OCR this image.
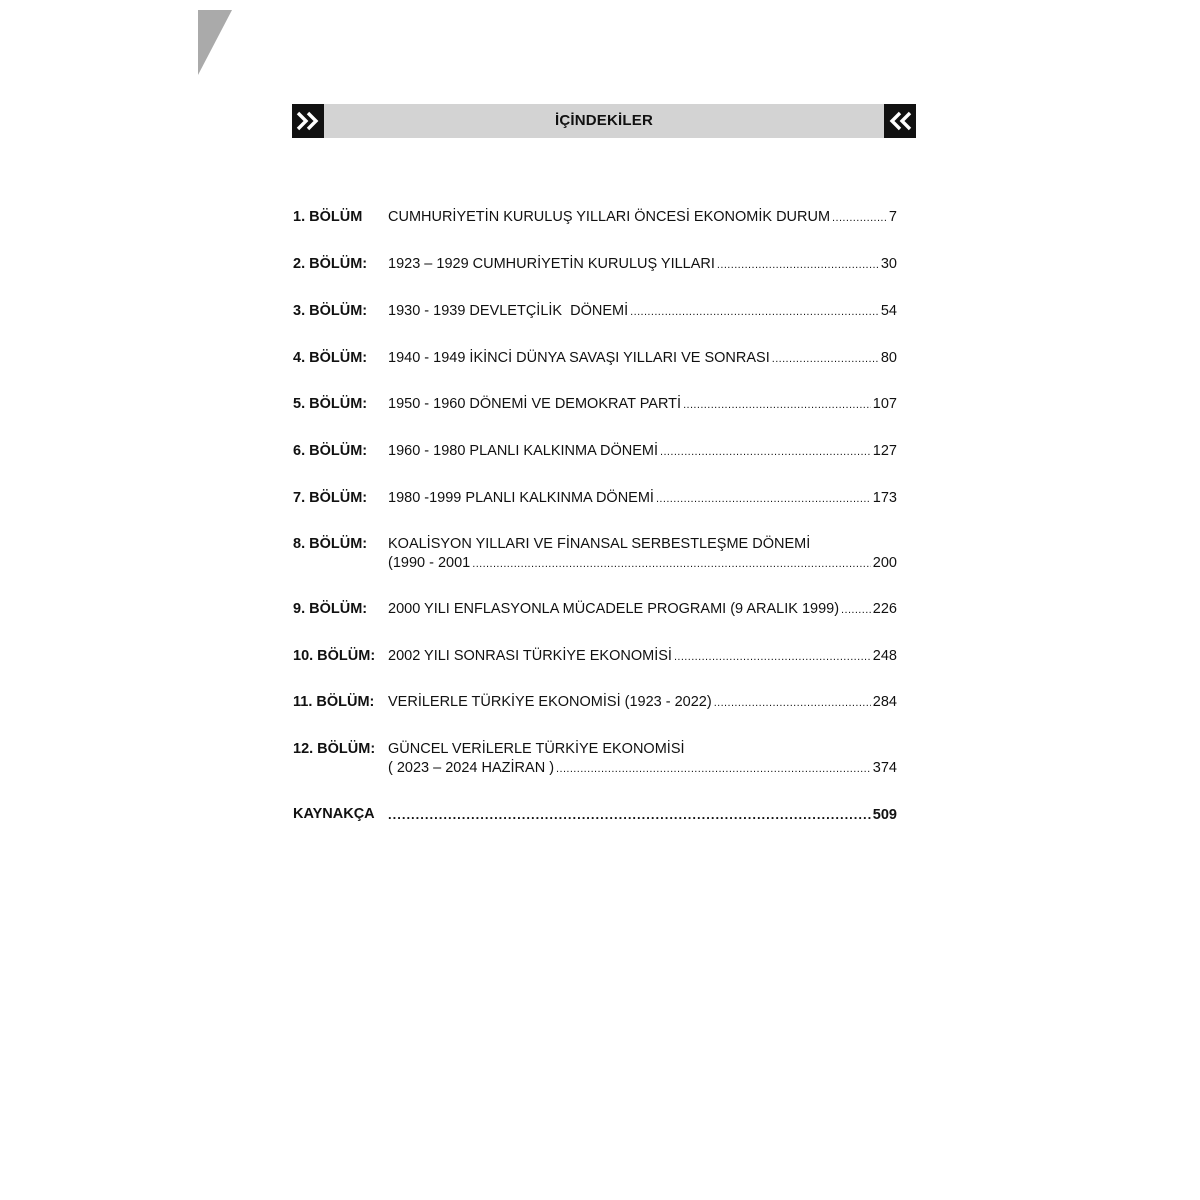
İÇİNDEKİLER
1. BÖLÜM CUMHURİYETİN KURULUŞ YILLARI ÖNCESİ EKONOMİK DURUM .....	7
2. BÖLÜM: 1923 – 1929 CUMHURİYETİN KURULUŞ YILLARI .....	30
3. BÖLÜM: 1930 - 1939 DEVLETÇİLİK  DÖNEMİ .....	54
4. BÖLÜM: 1940 - 1949 İKİNCİ DÜNYA SAVAŞI YILLARI VE SONRASI .....	80
5. BÖLÜM: 1950 - 1960 DÖNEMİ VE DEMOKRAT PARTİ .....	107
6. BÖLÜM: 1960 - 1980 PLANLI KALKINMA DÖNEMİ .....	127
7. BÖLÜM: 1980 -1999 PLANLI KALKINMA DÖNEMİ .....	173
8. BÖLÜM: KOALİSYON YILLARI VE FİNANSAL SERBESTLEŞME DÖNEMİ
(1990 - 2001 .....	200
9. BÖLÜM: 2000 YILI ENFLASYONLA MÜCADELE PROGRAMI (9 ARALIK 1999) ..... 226
10. BÖLÜM: 2002 YILI SONRASI TÜRKİYE EKONOMİSİ .....	248
11. BÖLÜM: VERİLERLE TÜRKİYE EKONOMİSİ (1923 - 2022) .....	284
12. BÖLÜM: GÜNCEL VERİLERLE TÜRKİYE EKONOMİSİ
( 2023 – 2024 HAZİRAN ) .....	374
KAYNAKÇA .....	509
